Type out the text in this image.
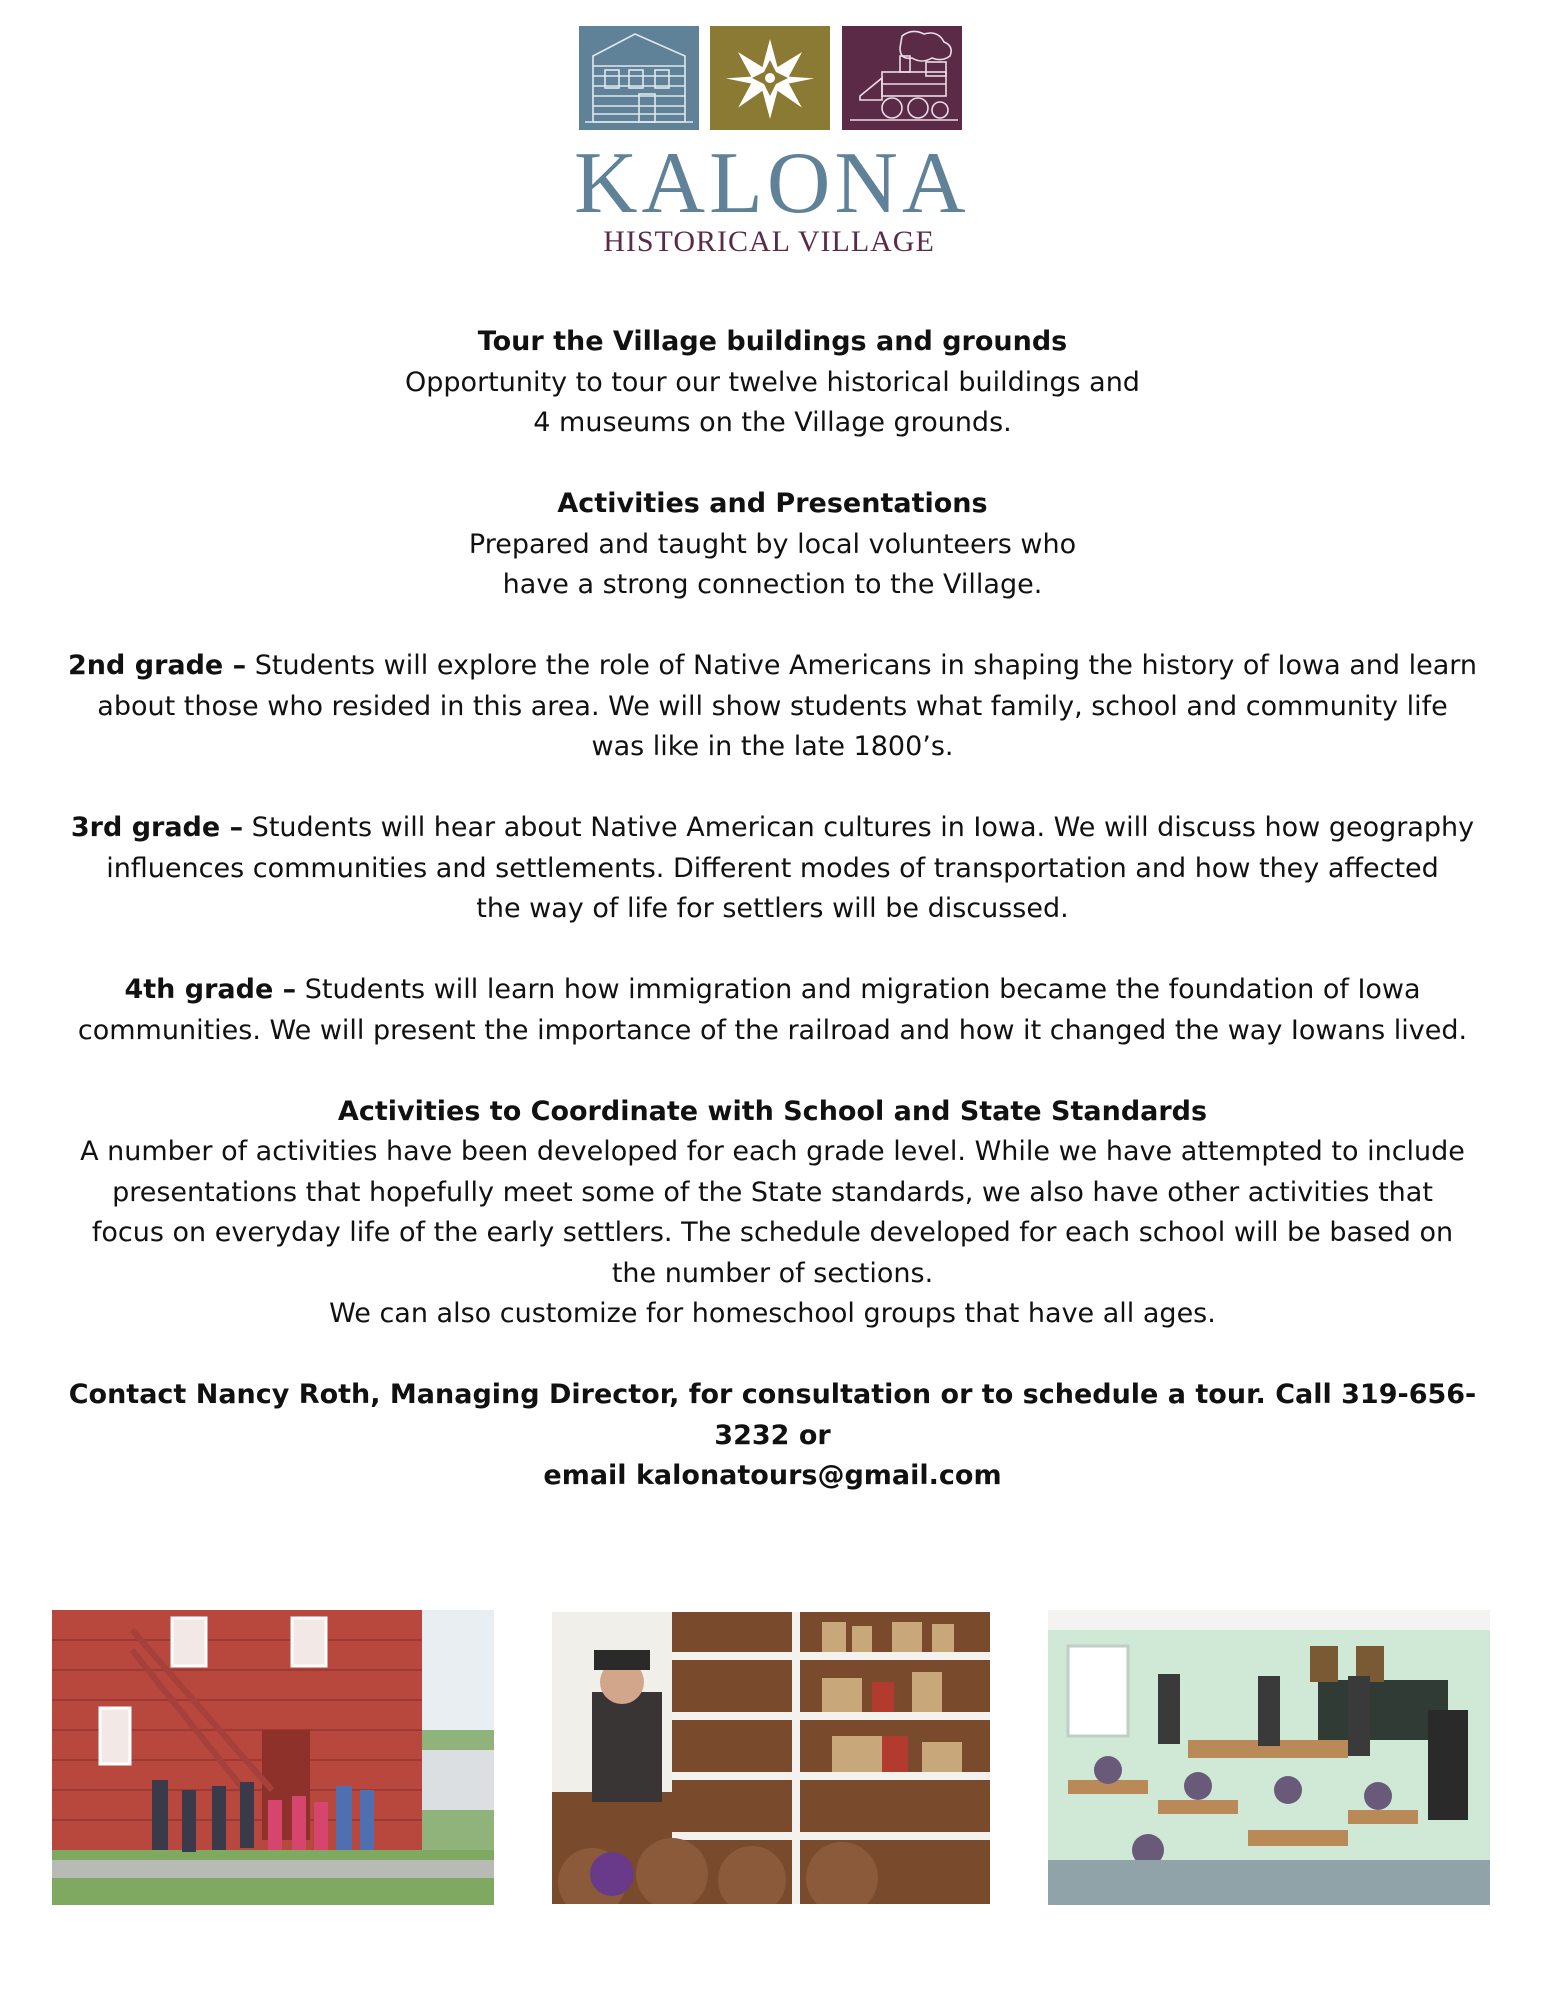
KALONA
HISTORICAL VILLAGE

Tour the Village buildings and grounds
Opportunity to tour our twelve historical buildings and
4 museums on the Village grounds.

Activities and Presentations
Prepared and taught by local volunteers who
have a strong connection to the Village.

2nd grade – Students will explore the role of Native Americans in shaping the history of Iowa and learn
about those who resided in this area. We will show students what family, school and community life
was like in the late 1800’s.

3rd grade – Students will hear about Native American cultures in Iowa. We will discuss how geography
influences communities and settlements. Different modes of transportation and how they affected
the way of life for settlers will be discussed.

4th grade – Students will learn how immigration and migration became the foundation of Iowa
communities. We will present the importance of the railroad and how it changed the way Iowans lived.

Activities to Coordinate with School and State Standards
A number of activities have been developed for each grade level. While we have attempted to include
presentations that hopefully meet some of the State standards, we also have other activities that
focus on everyday life of the early settlers. The schedule developed for each school will be based on
the number of sections.
We can also customize for homeschool groups that have all ages.

Contact Nancy Roth, Managing Director, for consultation or to schedule a tour. Call 319-656-3232 or
email kalonatours@gmail.com
